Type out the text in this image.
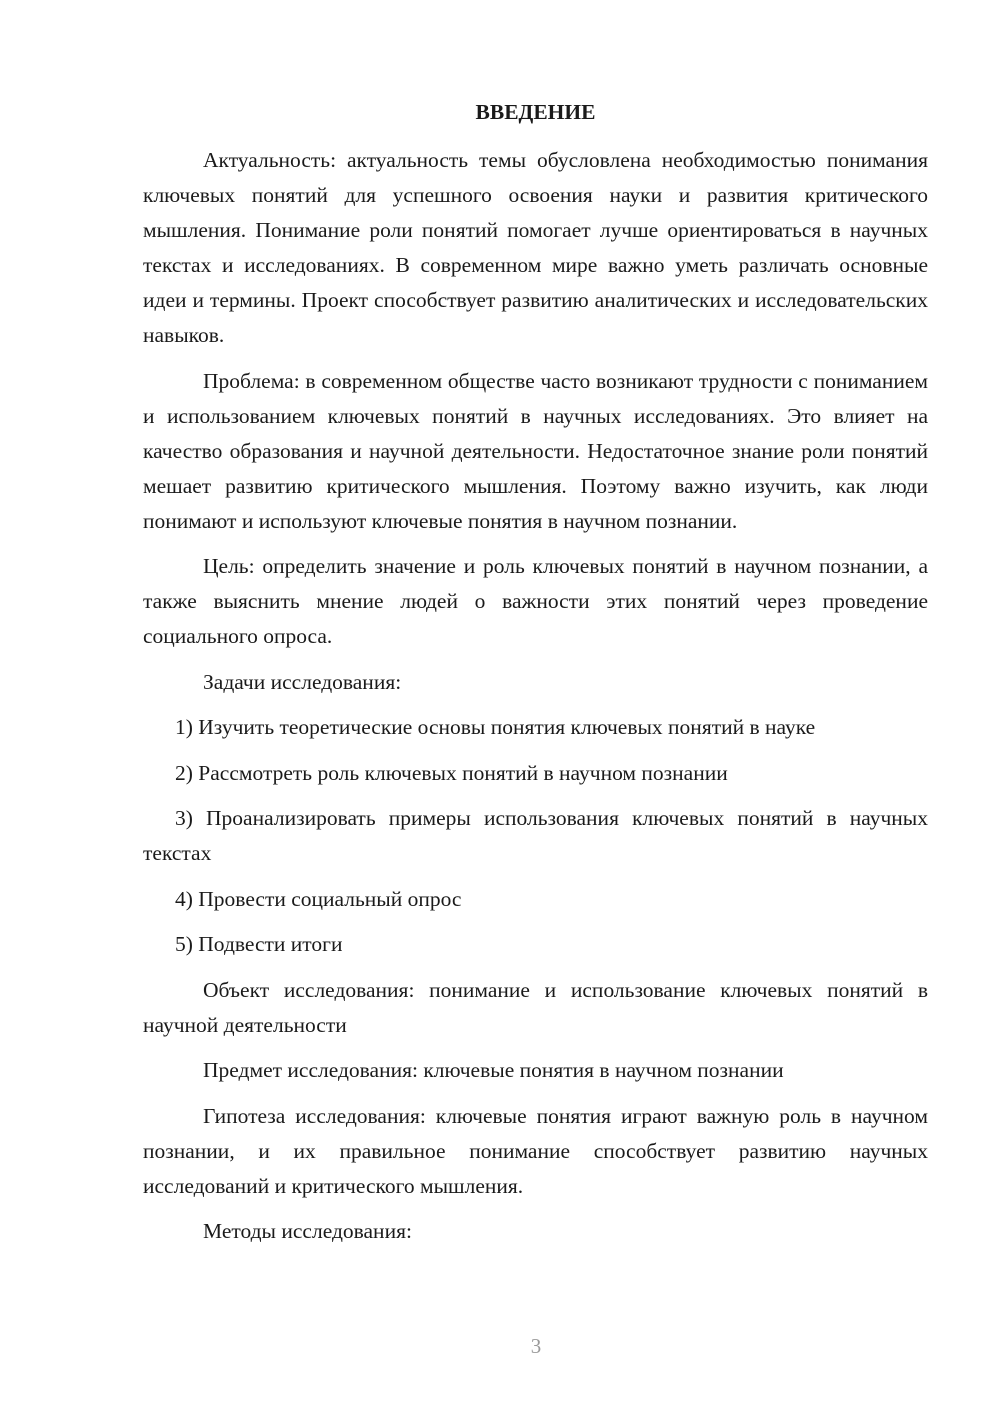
ВВЕДЕНИЕ

Актуальность: актуальность темы обусловлена необходимостью понимания ключевых понятий для успешного освоения науки и развития критического мышления. Понимание роли понятий помогает лучше ориентироваться в научных текстах и исследованиях. В современном мире важно уметь различать основные идеи и термины. Проект способствует развитию аналитических и исследовательских навыков.

Проблема: в современном обществе часто возникают трудности с пониманием и использованием ключевых понятий в научных исследованиях. Это влияет на качество образования и научной деятельности. Недостаточное знание роли понятий мешает развитию критического мышления. Поэтому важно изучить, как люди понимают и используют ключевые понятия в научном познании.

Цель: определить значение и роль ключевых понятий в научном познании, а также выяснить мнение людей о важности этих понятий через проведение социального опроса.

Задачи исследования:

1) Изучить теоретические основы понятия ключевых понятий в науке

2) Рассмотреть роль ключевых понятий в научном познании

3) Проанализировать примеры использования ключевых понятий в научных текстах

4) Провести социальный опрос

5) Подвести итоги

Объект исследования: понимание и использование ключевых понятий в научной деятельности

Предмет исследования: ключевые понятия в научном познании

Гипотеза исследования: ключевые понятия играют важную роль в научном познании, и их правильное понимание способствует развитию научных исследований и критического мышления.

Методы исследования:

3
